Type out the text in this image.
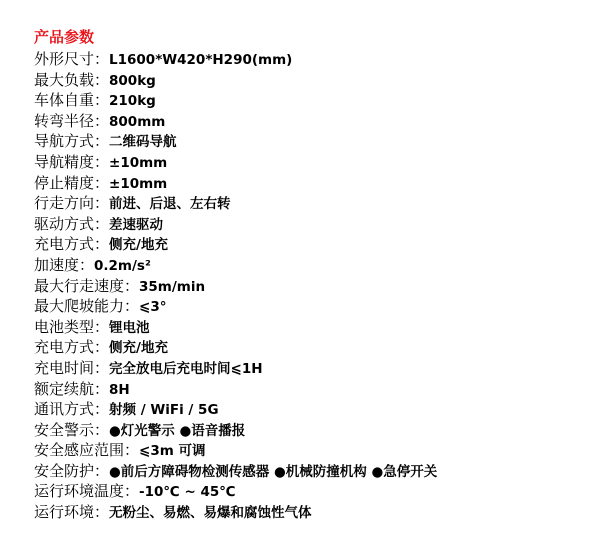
产品参数
外形尺寸：L1600*W420*H290(mm)
最大负载：800kg
车体自重：210kg
转弯半径：800mm
导航方式：二维码导航
导航精度：±10mm
停止精度：±10mm
行走方向：前进、后退、左右转
驱动方式：差速驱动
充电方式：侧充/地充
加速度：0.2m/s²
最大行走速度：35m/min
最大爬坡能力：⩽3°
电池类型：锂电池
充电方式：侧充/地充
充电时间：完全放电后充电时间⩽1H
额定续航：8H
通讯方式：射频 / WiFi / 5G
安全警示：●灯光警示 ●语音播报
安全感应范围：⩽3m 可调
安全防护：●前后方障碍物检测传感器 ●机械防撞机构 ●急停开关
运行环境温度：-10℃ ~ 45℃
运行环境：无粉尘、易燃、易爆和腐蚀性气体
